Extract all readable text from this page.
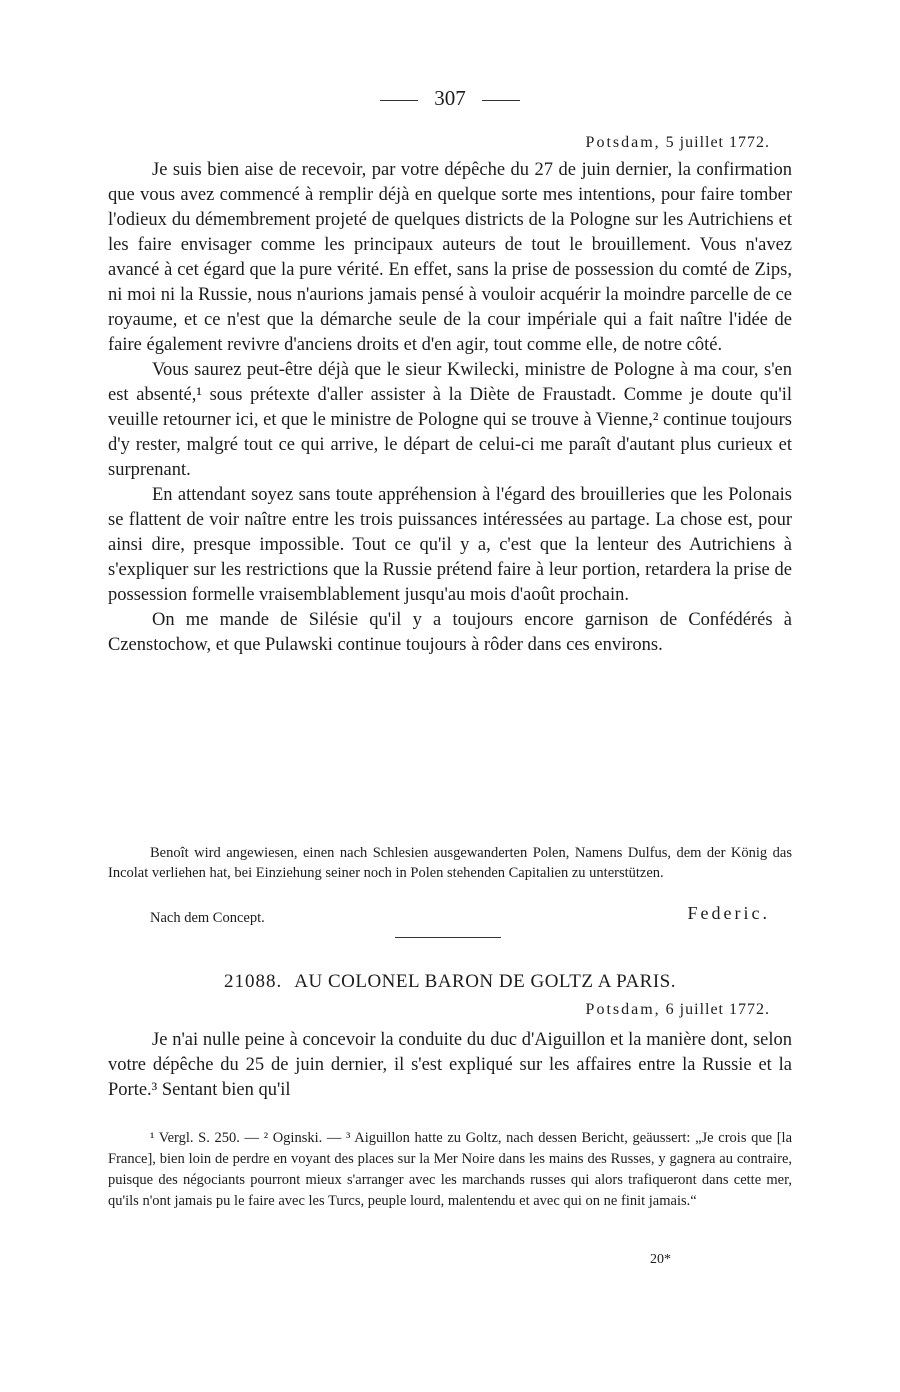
307
Potsdam, 5 juillet 1772.

Je suis bien aise de recevoir, par votre dépêche du 27 de juin dernier, la confirmation que vous avez commencé à remplir déjà en quelque sorte mes intentions, pour faire tomber l'odieux du démembrement projeté de quelques districts de la Pologne sur les Autrichiens et les faire envisager comme les principaux auteurs de tout le brouillement. Vous n'avez avancé à cet égard que la pure vérité. En effet, sans la prise de possession du comté de Zips, ni moi ni la Russie, nous n'aurions jamais pensé à vouloir acquérir la moindre parcelle de ce royaume, et ce n'est que la démarche seule de la cour impériale qui a fait naître l'idée de faire également revivre d'anciens droits et d'en agir, tout comme elle, de notre côté.

Vous saurez peut-être déjà que le sieur Kwilecki, ministre de Pologne à ma cour, s'en est absenté,¹ sous prétexte d'aller assister à la Diète de Fraustadt. Comme je doute qu'il veuille retourner ici, et que le ministre de Pologne qui se trouve à Vienne,² continue toujours d'y rester, malgré tout ce qui arrive, le départ de celui-ci me paraît d'autant plus curieux et surprenant.

En attendant soyez sans toute appréhension à l'égard des brouilleries que les Polonais se flattent de voir naître entre les trois puissances intéressées au partage. La chose est, pour ainsi dire, presque impossible. Tout ce qu'il y a, c'est que la lenteur des Autrichiens à s'expliquer sur les restrictions que la Russie prétend faire à leur portion, retardera la prise de possession formelle vraisemblablement jusqu'au mois d'août prochain.

On me mande de Silésie qu'il y a toujours encore garnison de Confédérés à Czenstochow, et que Pulawski continue toujours à rôder dans ces environs.

Benoît wird angewiesen, einen nach Schlesien ausgewanderten Polen, Namens Dulfus, dem der König das Incolat verliehen hat, bei Einziehung seiner noch in Polen stehenden Capitalien zu unterstützen.

Nach dem Concept.	Federic.
21088. AU COLONEL BARON DE GOLTZ A PARIS.
Potsdam, 6 juillet 1772.

Je n'ai nulle peine à concevoir la conduite du duc d'Aiguillon et la manière dont, selon votre dépêche du 25 de juin dernier, il s'est expliqué sur les affaires entre la Russie et la Porte.³ Sentant bien qu'il

¹ Vergl. S. 250. — ² Oginski. — ³ Aiguillon hatte zu Goltz, nach dessen Bericht, geäussert: „Je crois que [la France], bien loin de perdre en voyant des places sur la Mer Noire dans les mains des Russes, y gagnera au contraire, puisque des négociants pourront mieux s'arranger avec les marchands russes qui alors trafiqueront dans cette mer, qu'ils n'ont jamais pu le faire avec les Turcs, peuple lourd, malentendu et avec qui on ne finit jamais.“

20*
